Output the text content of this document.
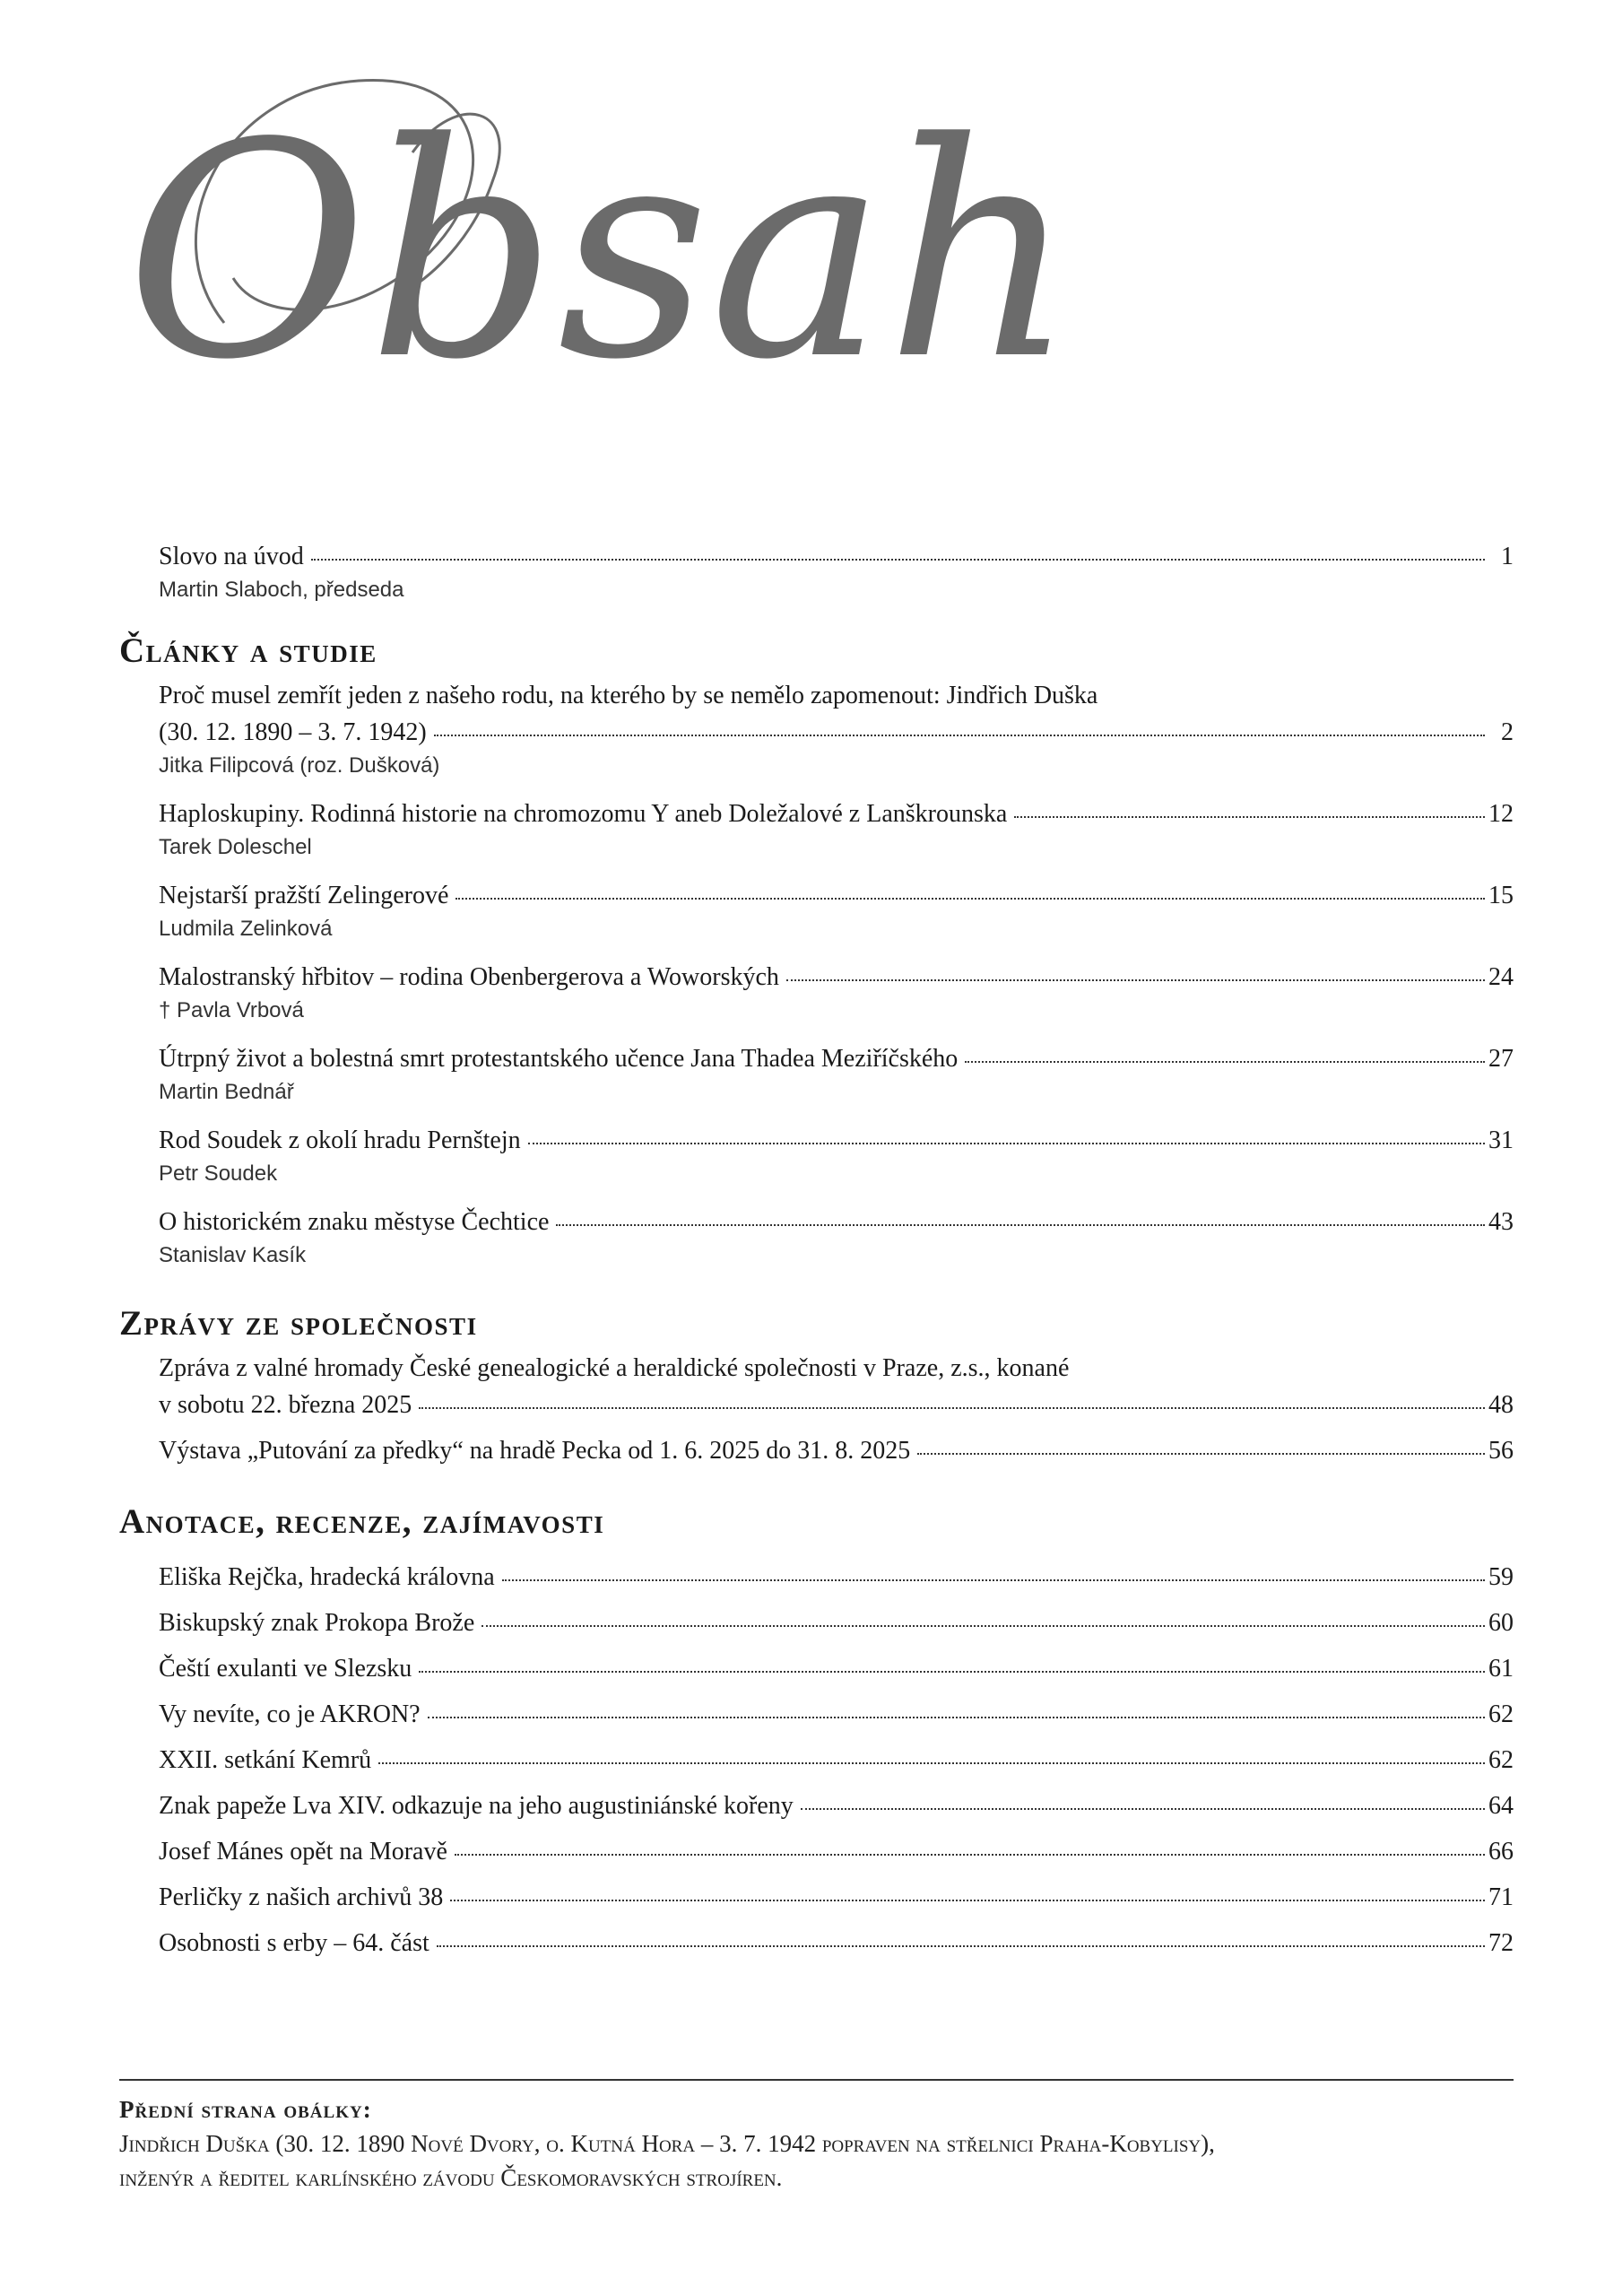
Obsah
Slovo na úvod	1
Martin Slaboch, předseda
Články a studie
Proč musel zemřít jeden z našeho rodu, na kterého by se nemělo zapomenout: Jindřich Duška
(30. 12. 1890 – 3. 7. 1942)	2
Jitka Filipcová (roz. Dušková)
Haploskupiny. Rodinná historie na chromozomu Y aneb Doležalové z Lanškrounska	12
Tarek Doleschel
Nejstarší pražští Zelingerové	15
Ludmila Zelinková
Malostranský hřbitov – rodina Obenbergerova a Woworských	24
† Pavla Vrbová
Útrpný život a bolestná smrt protestantského učence Jana Thadea Meziříčského	27
Martin Bednář
Rod Soudek z okolí hradu Pernštejn	31
Petr Soudek
O historickém znaku městyse Čechtice	43
Stanislav Kasík
Zprávy ze společnosti
Zpráva z valné hromady České genealogické a heraldické společnosti v Praze, z.s., konané
v sobotu 22. března 2025	48
Výstava „Putování za předky“ na hradě Pecka od 1. 6. 2025 do 31. 8. 2025	56
Anotace, recenze, zajímavosti
Eliška Rejčka, hradecká královna	59
Biskupský znak Prokopa Brože	60
Čeští exulanti ve Slezsku	61
Vy nevíte, co je AKRON?	62
XXII. setkání Kemrů	62
Znak papeže Lva XIV. odkazuje na jeho augustiniánské kořeny	64
Josef Mánes opět na Moravě	66
Perličky z našich archivů 38	71
Osobnosti s erby – 64. část	72
Přední strana obálky:
Jindřich Duška (30. 12. 1890 Nové Dvory, o. Kutná Hora – 3. 7. 1942 popraven na střelnici Praha-Kobylisy),
inženýr a ředitel karlínského závodu Českomoravských strojíren.
